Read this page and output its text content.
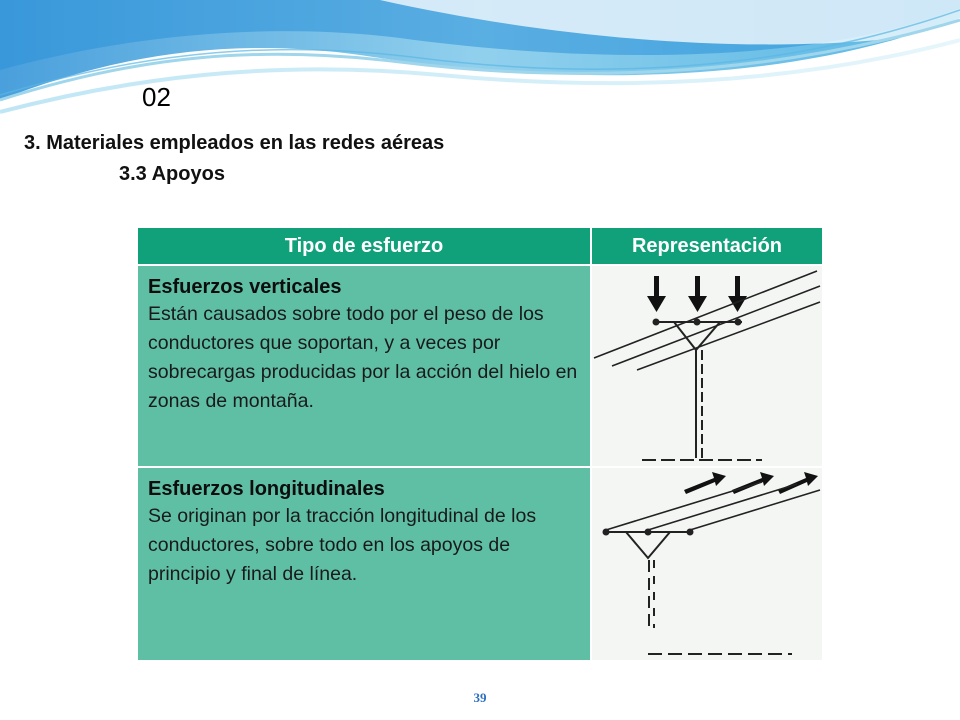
02
3. Materiales empleados en las redes aéreas
3.3 Apoyos
Tipo de esfuerzo	Representación

Esfuerzos verticales
Están causados sobre todo por el peso de los conductores que soportan, y a veces por sobrecargas producidas por la acción del hielo en zonas de montaña.

Esfuerzos longitudinales
Se originan por la tracción longitudinal de los conductores, sobre todo en los apoyos de principio y final de línea.

39
